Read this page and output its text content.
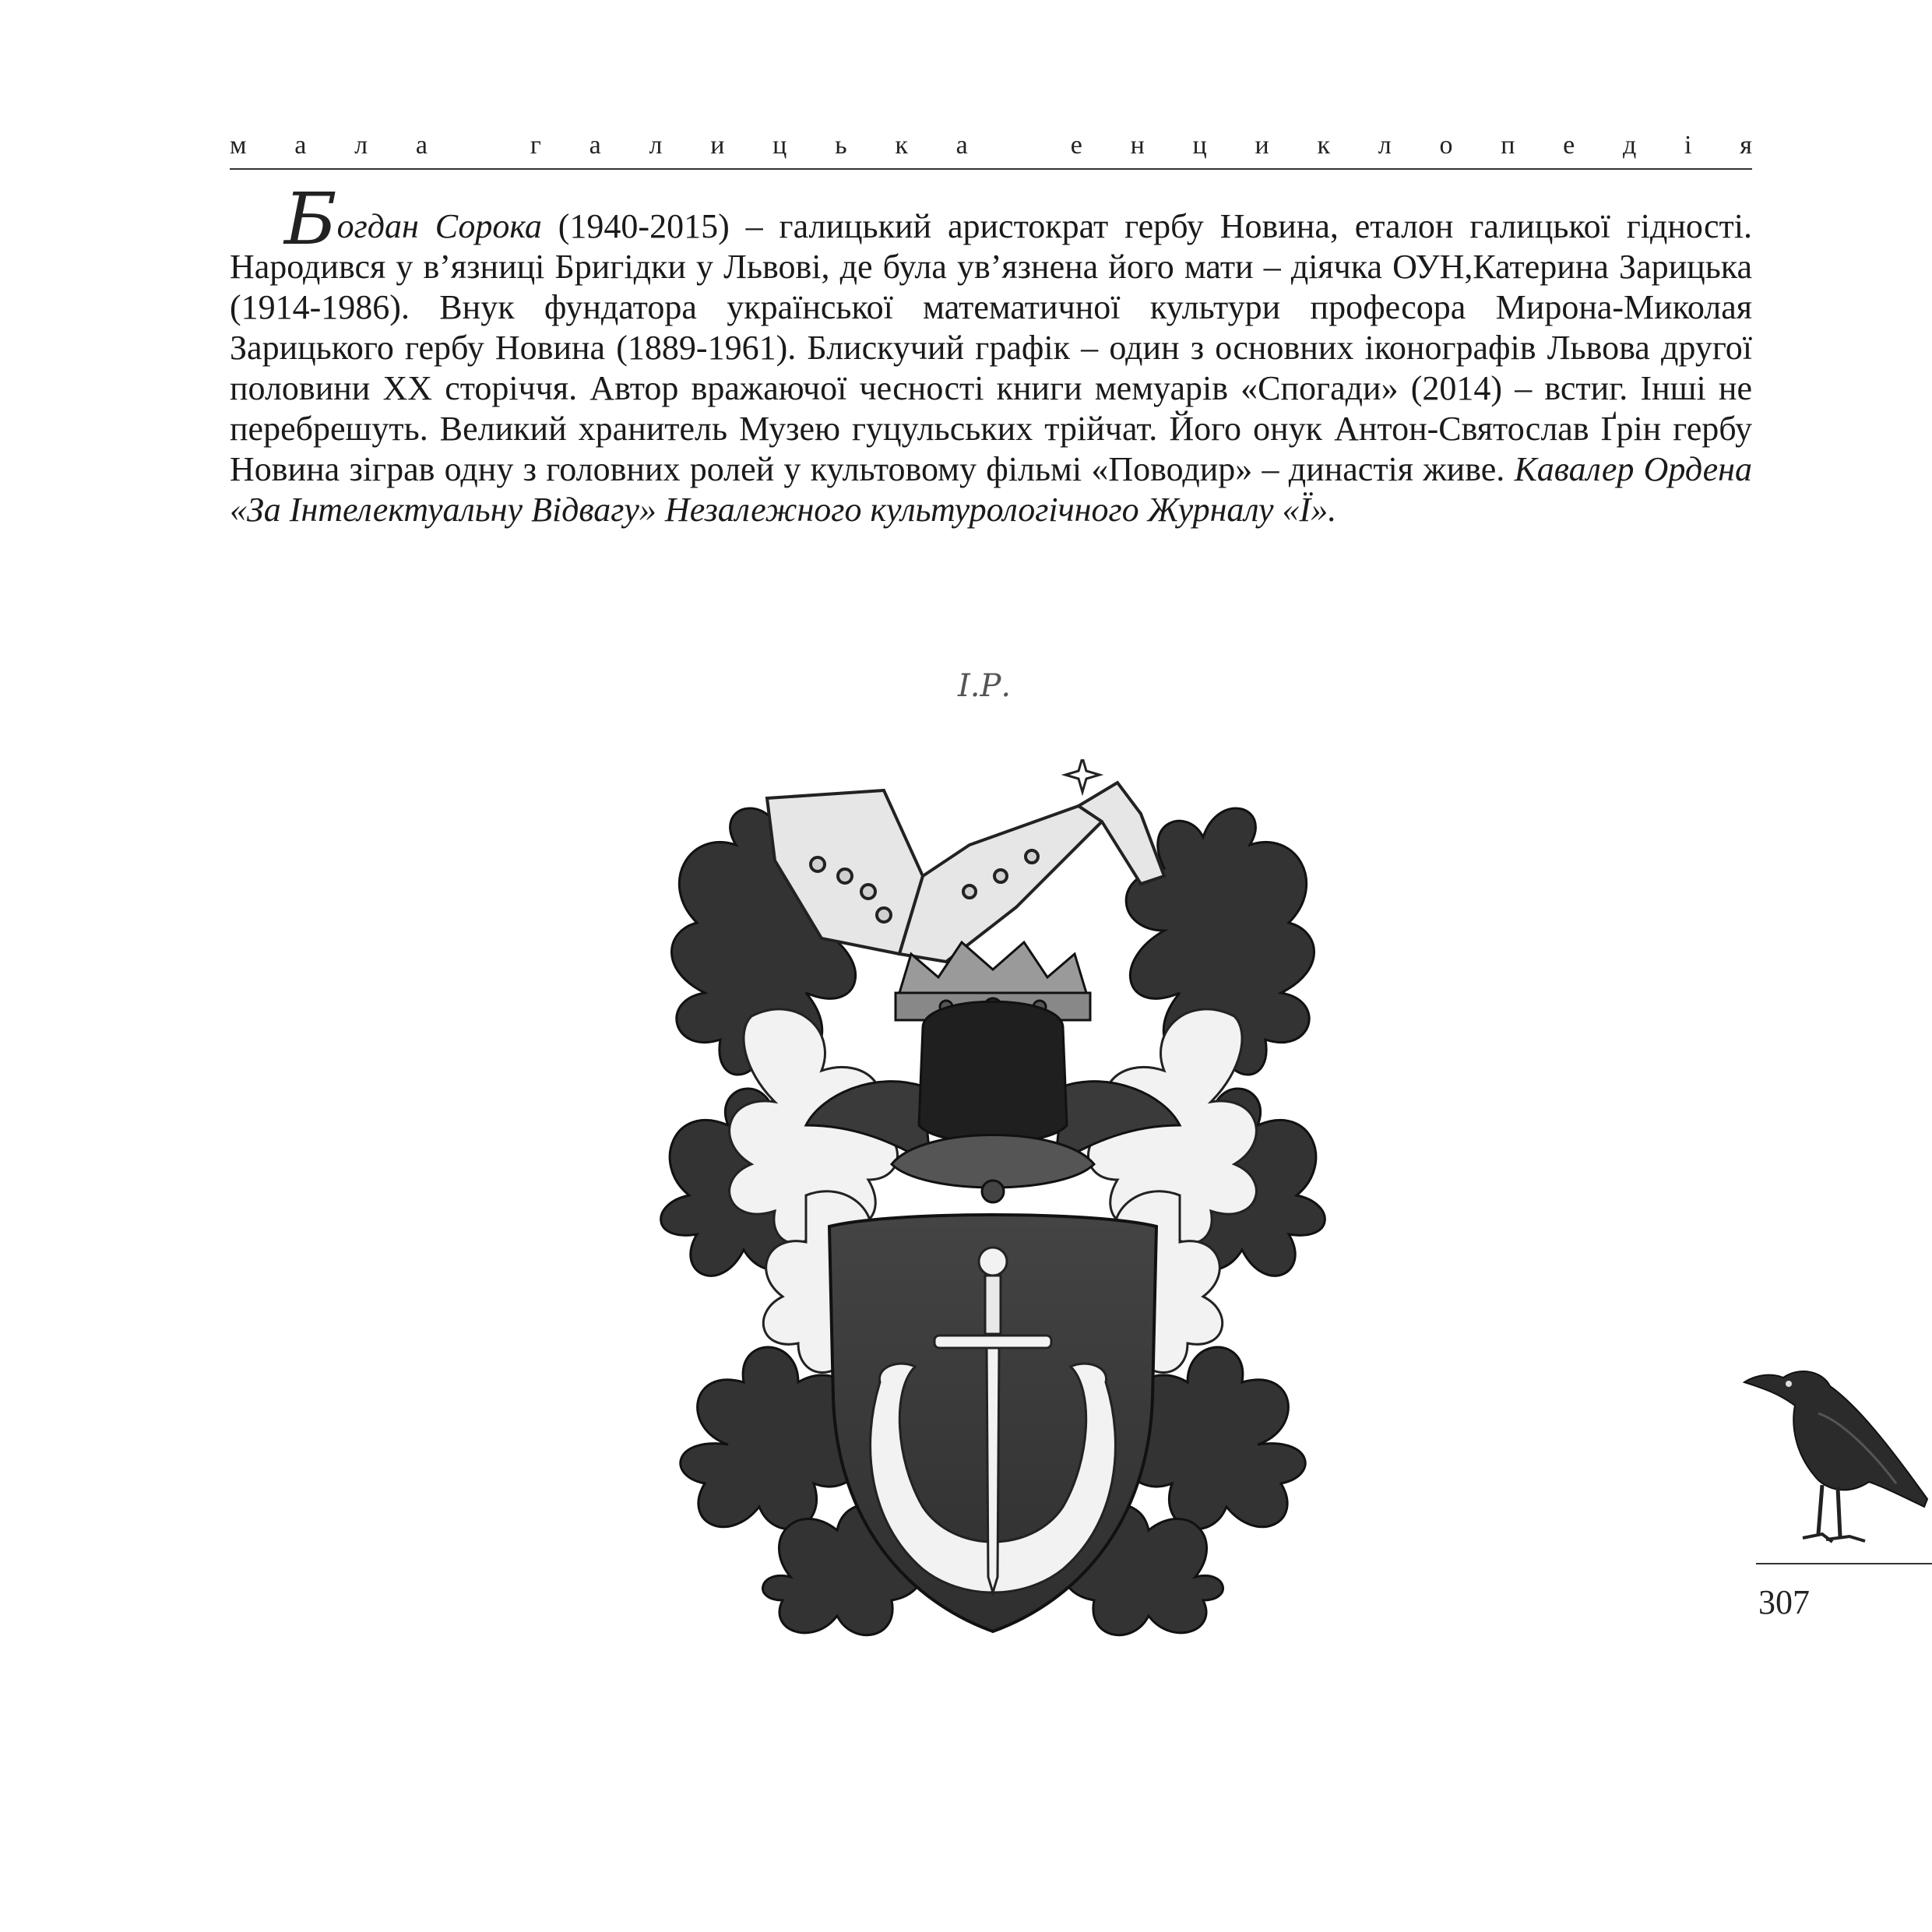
м а л а
	г а л и ц ь к а
	е н ц и к л о п е д і я

Богдан Сорока (1940-2015) – галицький аристократ гербу Новина, еталон галицької гідності. Народився у в’язниці Бригідки у Львові, де була ув’язнена його мати – діячка ОУН,Катерина Зарицька (1914-1986). Внук фундатора української математичної культури професора Мирона-Миколая Зарицького гербу Новина (1889-1961). Блискучий графік – один з основних іконографів Львова другої половини ХХ сторіччя. Автор вражаючої чесності книги мемуарів «Спогади» (2014) – встиг. Інші не перебрешуть. Великий хранитель Музею гуцульських трійчат. Його онук Антон-Святослав Ґрін гербу Новина зіграв одну з головних ролей у культовому фільмі «Поводир» – династія живе. Кавалер Ордена «За Інтелектуальну Відвагу» Незалежного культурологічного Журналу «Ї».

І.Р.
307
